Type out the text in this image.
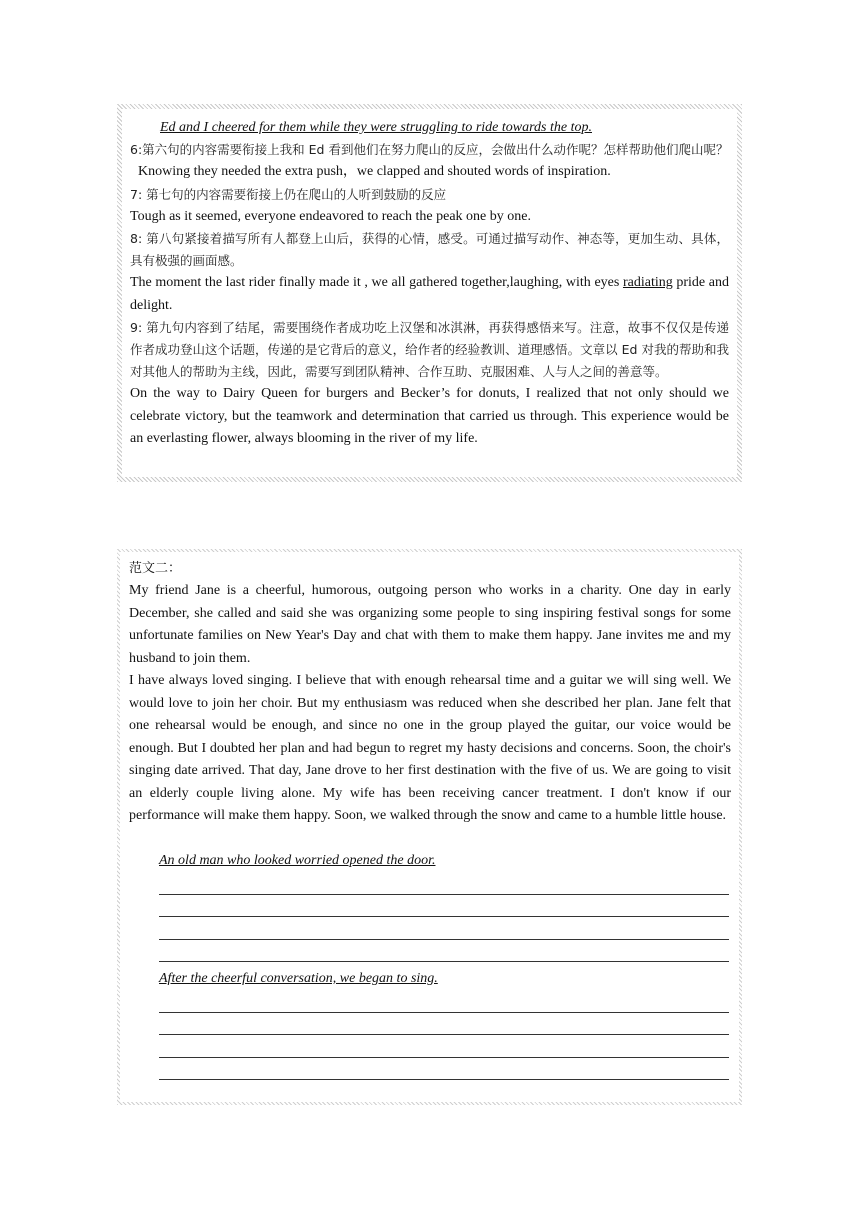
Ed and I cheered for them while they were struggling to ride towards the top.

6:第六句的内容需要衔接上我和 Ed 看到他们在努力爬山的反应，会做出什么动作呢？怎样帮助他们爬山呢？

Knowing they needed the extra push，we clapped and shouted words of inspiration.

7: 第七句的内容需要衔接上仍在爬山的人听到鼓励的反应

Tough as it seemed, everyone endeavored to reach the peak one by one.

8: 第八句紧接着描写所有人都登上山后，获得的心情，感受。可通过描写动作、神态等，更加生动、具体，具有极强的画面感。

The moment the last rider finally made it , we all gathered together,laughing, with eyes radiating pride and delight.

9: 第九句内容到了结尾，需要围绕作者成功吃上汉堡和冰淇淋，再获得感悟来写。注意，故事不仅仅是传递作者成功登山这个话题，传递的是它背后的意义，给作者的经验教训、道理感悟。文章以 Ed 对我的帮助和我对其他人的帮助为主线，因此，需要写到团队精神、合作互助、克服困难、人与人之间的善意等。

On the way to Dairy Queen for burgers and Becker’s for donuts, I realized that not only should we celebrate victory, but the teamwork and determination that carried us through. This experience would be an everlasting flower, always blooming in the river of my life.

范文二：

My friend Jane is a cheerful, humorous, outgoing person who works in a charity. One day in early December, she called and said she was organizing some people to sing inspiring festival songs for some unfortunate families on New Year's Day and chat with them to make them happy. Jane invites me and my husband to join them.

I have always loved singing. I believe that with enough rehearsal time and a guitar we will sing well. We would love to join her choir. But my enthusiasm was reduced when she described her plan. Jane felt that one rehearsal would be enough, and since no one in the group played the guitar, our voice would be enough. But I doubted her plan and had begun to regret my hasty decisions and concerns. Soon, the choir's singing date arrived. That day, Jane drove to her first destination with the five of us. We are going to visit an elderly couple living alone. My wife has been receiving cancer treatment. I don't know if our performance will make them happy. Soon, we walked through the snow and came to a humble little house.

An old man who looked worried opened the door.

After the cheerful conversation, we began to sing.
